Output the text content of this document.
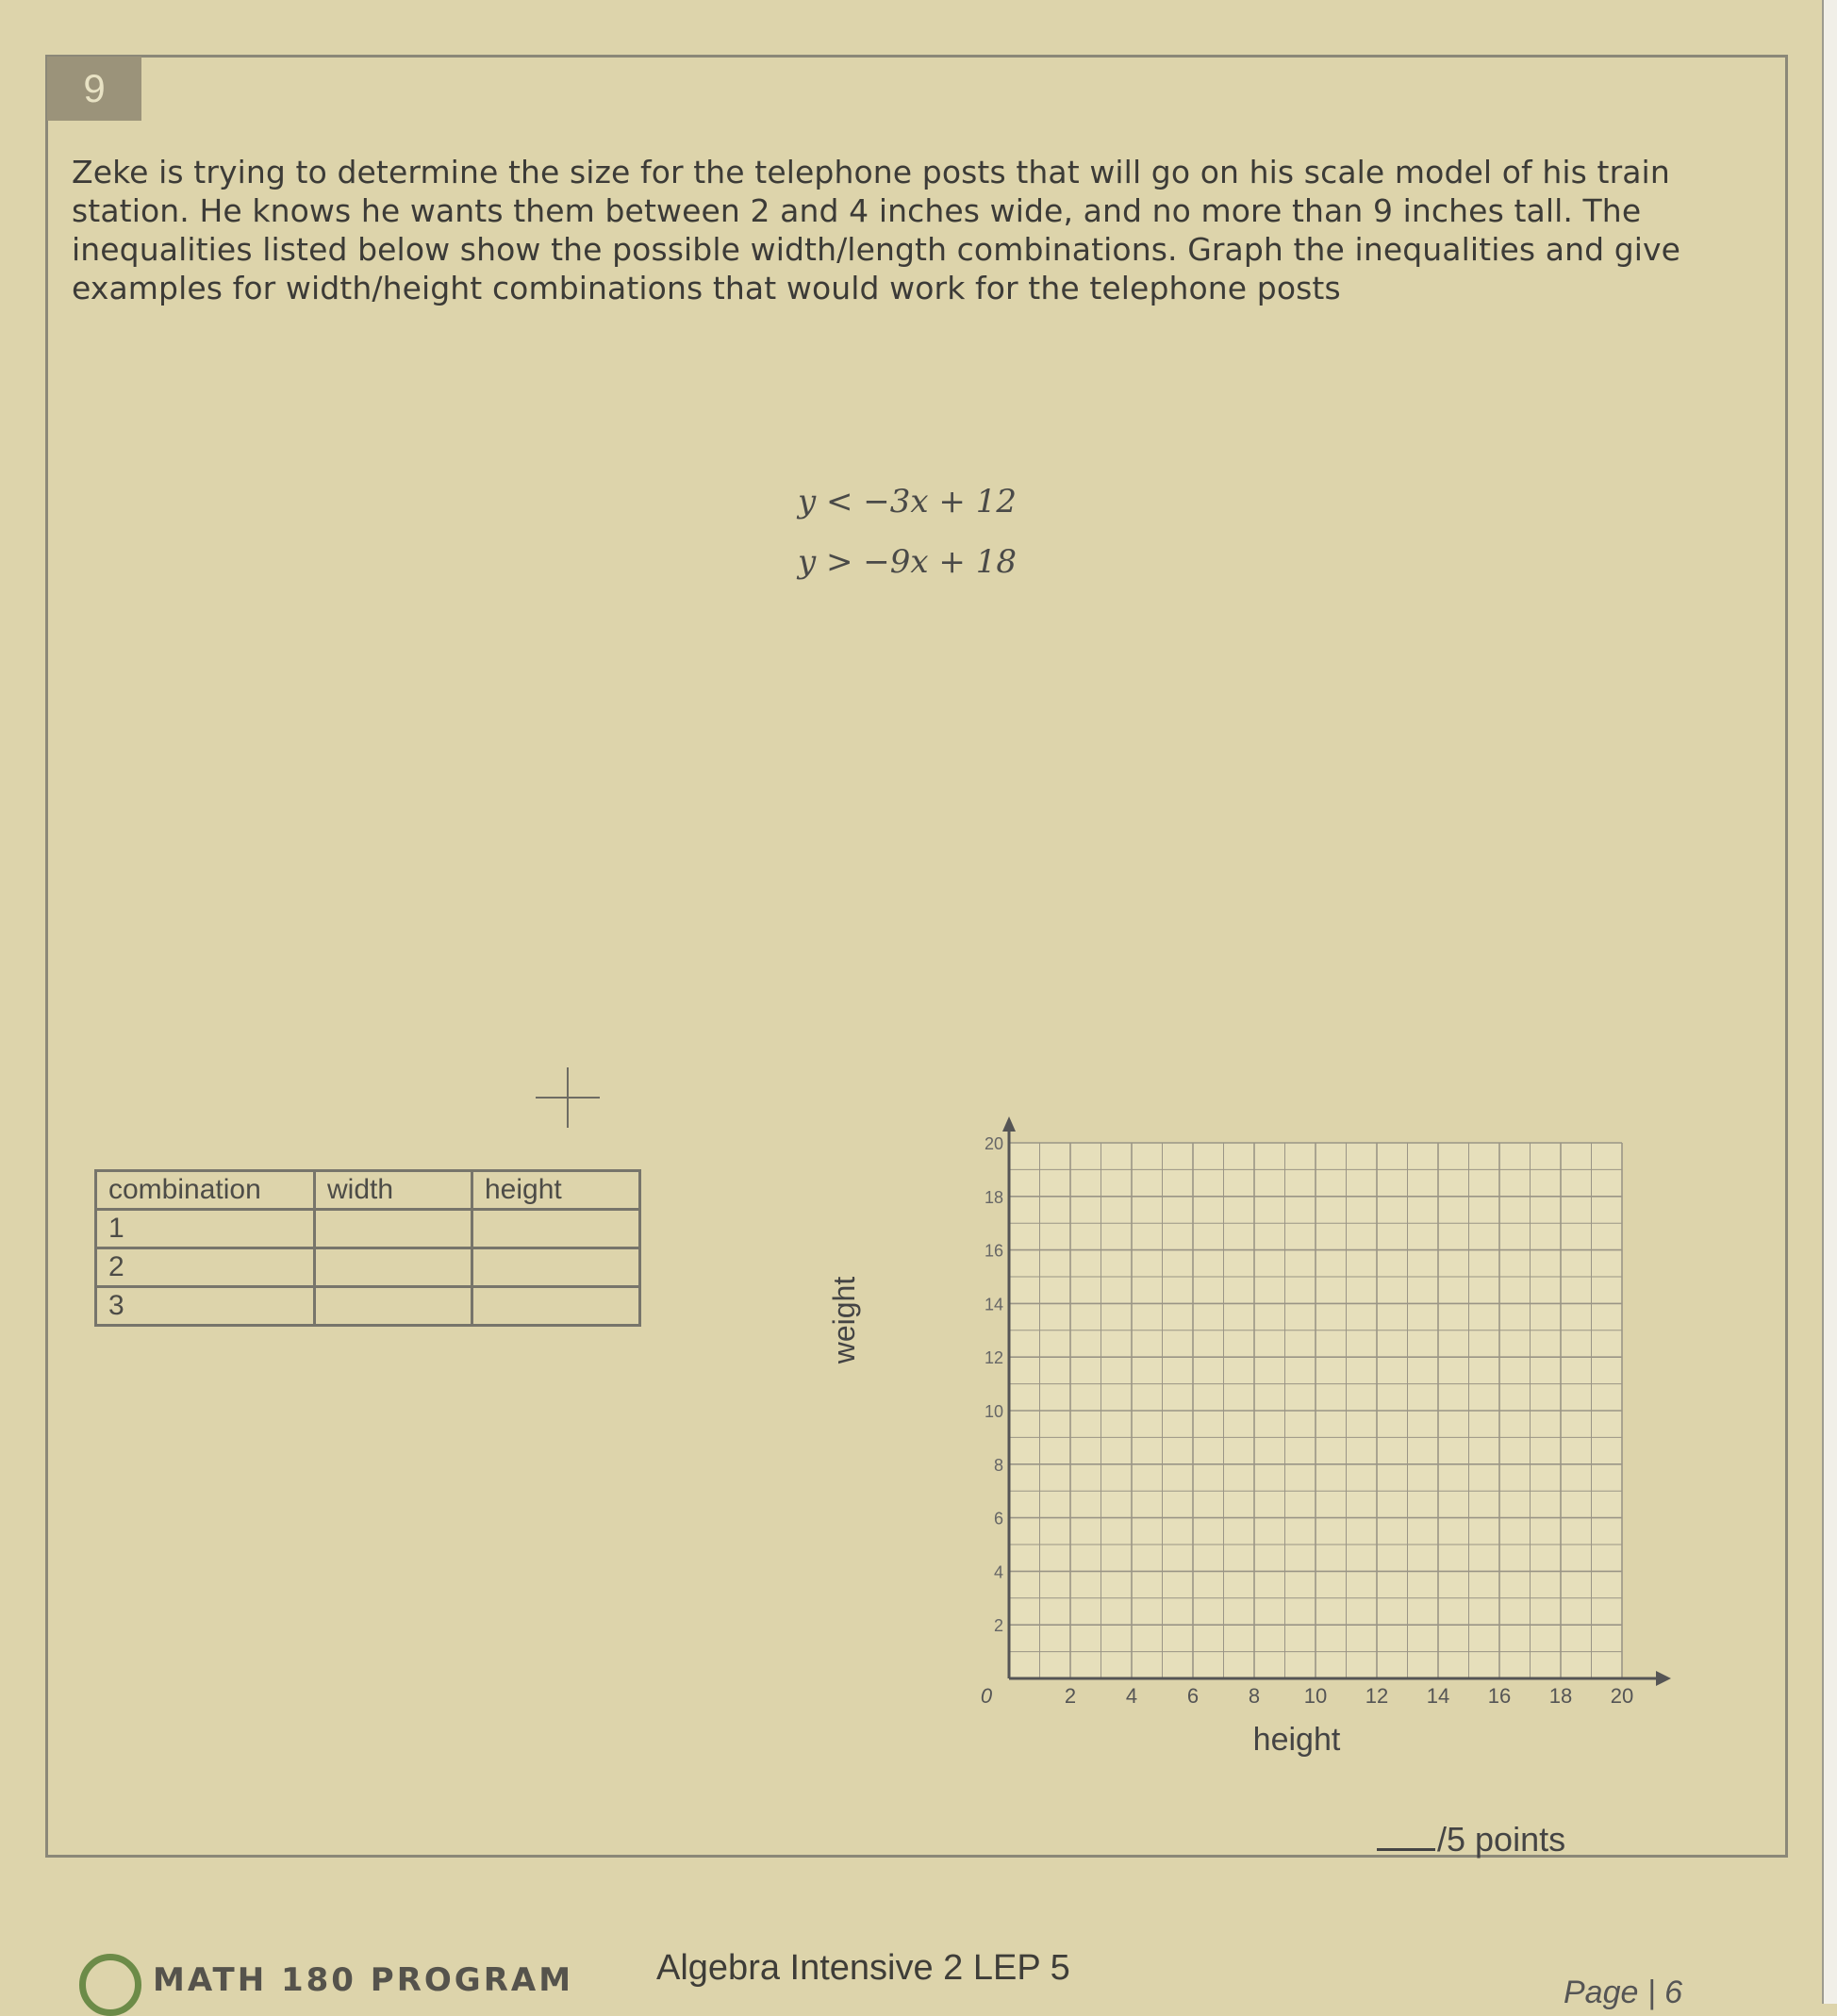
9

Zeke is trying to determine the size for the telephone posts that will go on his scale model of his train station. He knows he wants them between 2 and 4 inches wide, and no more than 9 inches tall. The inequalities listed below show the possible width/length combinations. Graph the inequalities and give examples for width/height combinations that would work for the telephone posts

y < −3x + 12
y > −9x + 18
combination	width	height
1		
2		
3		
0	2 4 6 8 10 12 14 16 18 20
2
4
6
8
10
12
14
16
18
20
height
weight
/5 points
MATH 180 PROGRAM Algebra Intensive 2 LEP 5
Page | 6
